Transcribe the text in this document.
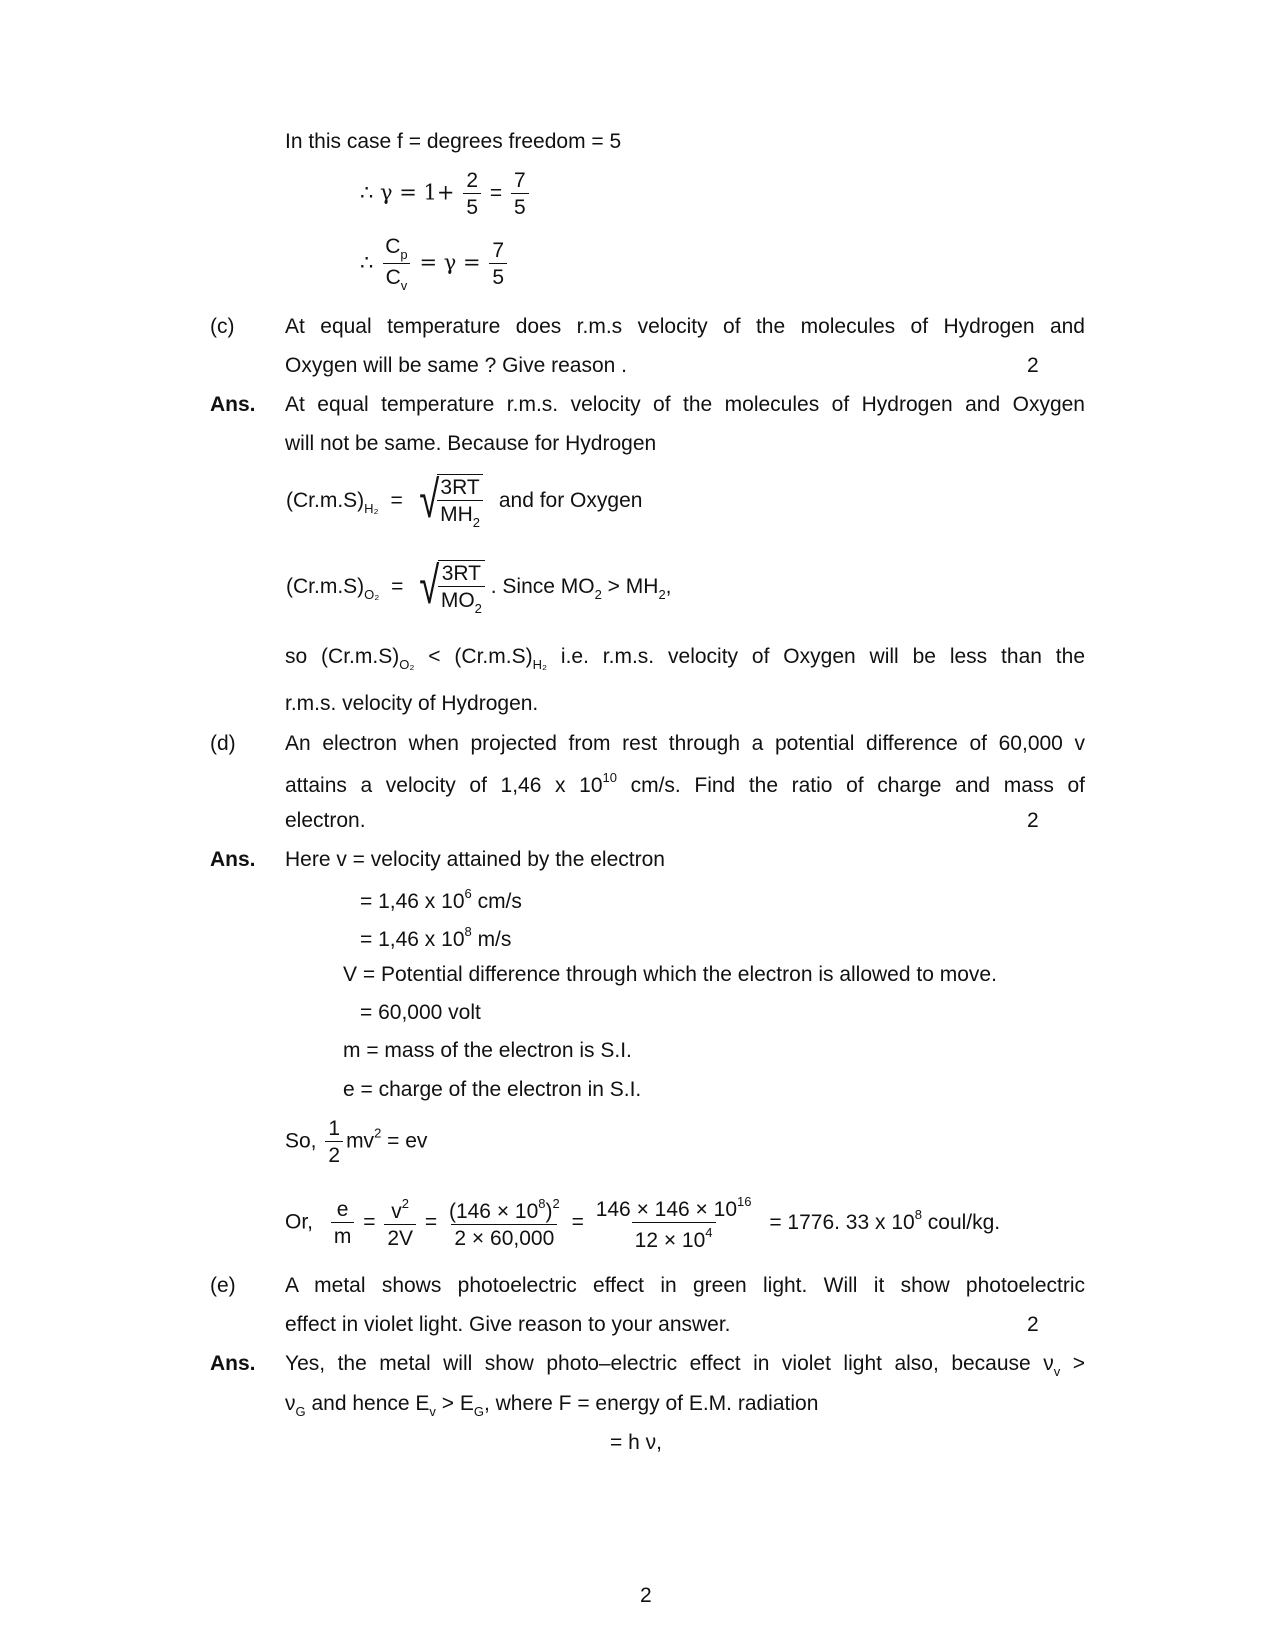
In this case f = degrees freedom = 5
∴ $\gamma = 1+ \frac{2}{5} = \frac{7}{5}$
∴ $\frac{C_p}{C_v} = \gamma = \frac{7}{5}$
(c) At equal temperature does r.m.s velocity of the molecules of Hydrogen and
Oxygen will be same ? Give reason .	2
Ans. At equal temperature r.m.s. velocity of the molecules of Hydrogen and Oxygen
will not be same. Because for Hydrogen
$(Cr.m.S)_{H_2}$ = √
$\frac{3RT}{MH_2}$ and for Oxygen
$(Cr.m.S)_{O_2}$ = √
$\frac{3RT}{MO_2}$ . Since $MO_2 > MH_2$,
so $(Cr.m.S)_{O_2} < (Cr.m.S)_{H_2}$ i.e. r.m.s. velocity of Oxygen will be less than the
r.m.s. velocity of Hydrogen.
(d) An electron when projected from rest through a potential difference of 60,000 v
attains a velocity of 1,46 x $10^{10}$ cm/s. Find the ratio of charge and mass of
electron.	2
Ans. Here v = velocity attained by the electron
= 1,46 x $10^6$ cm/s
= 1,46 x $10^8$ m/s
V = Potential difference through which the electron is allowed to move.
= 60,000 volt
m = mass of the electron is S.I.
e = charge of the electron in S.I.
So, $\frac{1}{2} mv^2$ = ev
Or, $\frac{e}{m} = \frac{v^2}{2V} = \frac{(146 \times 10^8)^2}{2 \times 60,000} = \frac{146 \times 146 \times 10^{16}}{12 \times 10^4} = 1776$. 33 x $10^8$ coul/kg.
(e) A metal shows photoelectric effect in green light. Will it show photoelectric
effect in violet light. Give reason to your answer.	2
Ans. Yes, the metal will show photo–electric effect in violet light also, because $\nu_v$ >
$\nu_G$ and hence $E_v > E_G$, where F = energy of E.M. radiation
= h ν,
2
